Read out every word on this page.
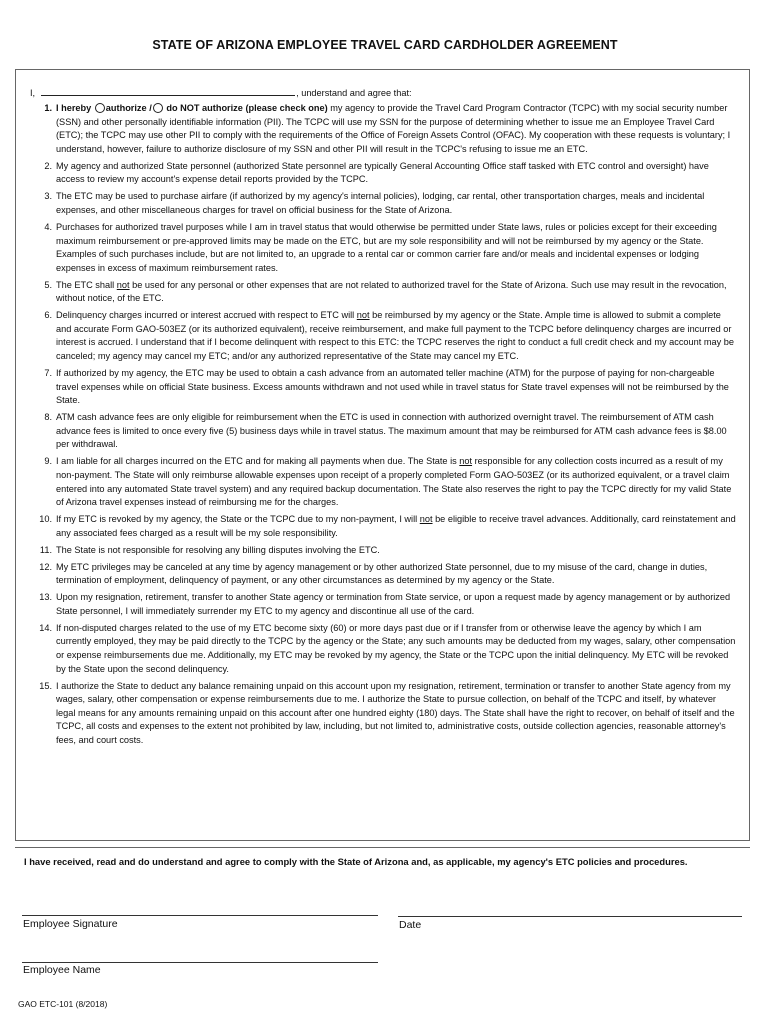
STATE OF ARIZONA EMPLOYEE TRAVEL CARD CARDHOLDER AGREEMENT
I,	, understand and agree that:
1. I hereby authorize / do NOT authorize (please check one) my agency to provide the Travel Card Program Contractor (TCPC) with my social security number (SSN) and other personally identifiable information (PII). The TCPC will use my SSN for the purpose of determining whether to issue me an Employee Travel Card (ETC); the TCPC may use other PII to comply with the requirements of the Office of Foreign Assets Control (OFAC). My cooperation with these requests is voluntary; I understand, however, failure to authorize disclosure of my SSN and other PII will result in the TCPC's refusing to issue me an ETC.
2. My agency and authorized State personnel (authorized State personnel are typically General Accounting Office staff tasked with ETC control and oversight) have access to review my account's expense detail reports provided by the TCPC.
3. The ETC may be used to purchase airfare (if authorized by my agency's internal policies), lodging, car rental, other transportation charges, meals and incidental expenses, and other miscellaneous charges for travel on official business for the State of Arizona.
4. Purchases for authorized travel purposes while I am in travel status that would otherwise be permitted under State laws, rules or policies except for their exceeding maximum reimbursement or pre-approved limits may be made on the ETC, but are my sole responsibility and will not be reimbursed by my agency or the State. Examples of such purchases include, but are not limited to, an upgrade to a rental car or common carrier fare and/or meals and incidental expenses or lodging expenses in excess of maximum reimbursement rates.
5. The ETC shall not be used for any personal or other expenses that are not related to authorized travel for the State of Arizona. Such use may result in the revocation, without notice, of the ETC.
6. Delinquency charges incurred or interest accrued with respect to ETC will not be reimbursed by my agency or the State. Ample time is allowed to submit a complete and accurate Form GAO-503EZ (or its authorized equivalent), receive reimbursement, and make full payment to the TCPC before delinquency charges are incurred or interest is accrued. I understand that if I become delinquent with respect to this ETC: the TCPC reserves the right to conduct a full credit check and my account may be canceled; my agency may cancel my ETC; and/or any authorized representative of the State may cancel my ETC.
7. If authorized by my agency, the ETC may be used to obtain a cash advance from an automated teller machine (ATM) for the purpose of paying for non-chargeable travel expenses while on official State business. Excess amounts withdrawn and not used while in travel status for State travel expenses will not be reimbursed by the State.
8. ATM cash advance fees are only eligible for reimbursement when the ETC is used in connection with authorized overnight travel. The reimbursement of ATM cash advance fees is limited to once every five (5) business days while in travel status. The maximum amount that may be reimbursed for ATM cash advance fees is $8.00 per withdrawal.
9. I am liable for all charges incurred on the ETC and for making all payments when due. The State is not responsible for any collection costs incurred as a result of my non-payment. The State will only reimburse allowable expenses upon receipt of a properly completed Form GAO-503EZ (or its authorized equivalent, or a travel claim entered into any automated State travel system) and any required backup documentation. The State also reserves the right to pay the TCPC directly for my valid State of Arizona travel expenses instead of reimbursing me for the charges.
10. If my ETC is revoked by my agency, the State or the TCPC due to my non-payment, I will not be eligible to receive travel advances. Additionally, card reinstatement and any associated fees charged as a result will be my sole responsibility.
11. The State is not responsible for resolving any billing disputes involving the ETC.
12. My ETC privileges may be canceled at any time by agency management or by other authorized State personnel, due to my misuse of the card, change in duties, termination of employment, delinquency of payment, or any other circumstances as determined by my agency or the State.
13. Upon my resignation, retirement, transfer to another State agency or termination from State service, or upon a request made by agency management or by authorized State personnel, I will immediately surrender my ETC to my agency and discontinue all use of the card.
14. If non-disputed charges related to the use of my ETC become sixty (60) or more days past due or if I transfer from or otherwise leave the agency by which I am currently employed, they may be paid directly to the TCPC by the agency or the State; any such amounts may be deducted from my wages, salary, other compensation or expense reimbursements due me. Additionally, my ETC may be revoked by my agency, the State or the TCPC upon the initial delinquency. My ETC will be revoked by the State upon the second delinquency.
15. I authorize the State to deduct any balance remaining unpaid on this account upon my resignation, retirement, termination or transfer to another State agency from my wages, salary, other compensation or expense reimbursements due to me. I authorize the State to pursue collection, on behalf of the TCPC and itself, by whatever legal means for any amounts remaining unpaid on this account after one hundred eighty (180) days. The State shall have the right to recover, on behalf of itself and the TCPC, all costs and expenses to the extent not prohibited by law, including, but not limited to, administrative costs, outside collection agencies, reasonable attorney's fees, and court costs.
I have received, read and do understand and agree to comply with the State of Arizona and, as applicable, my agency's ETC policies and procedures.
Employee Signature	Date
Employee Name
GAO ETC-101 (8/2018)
